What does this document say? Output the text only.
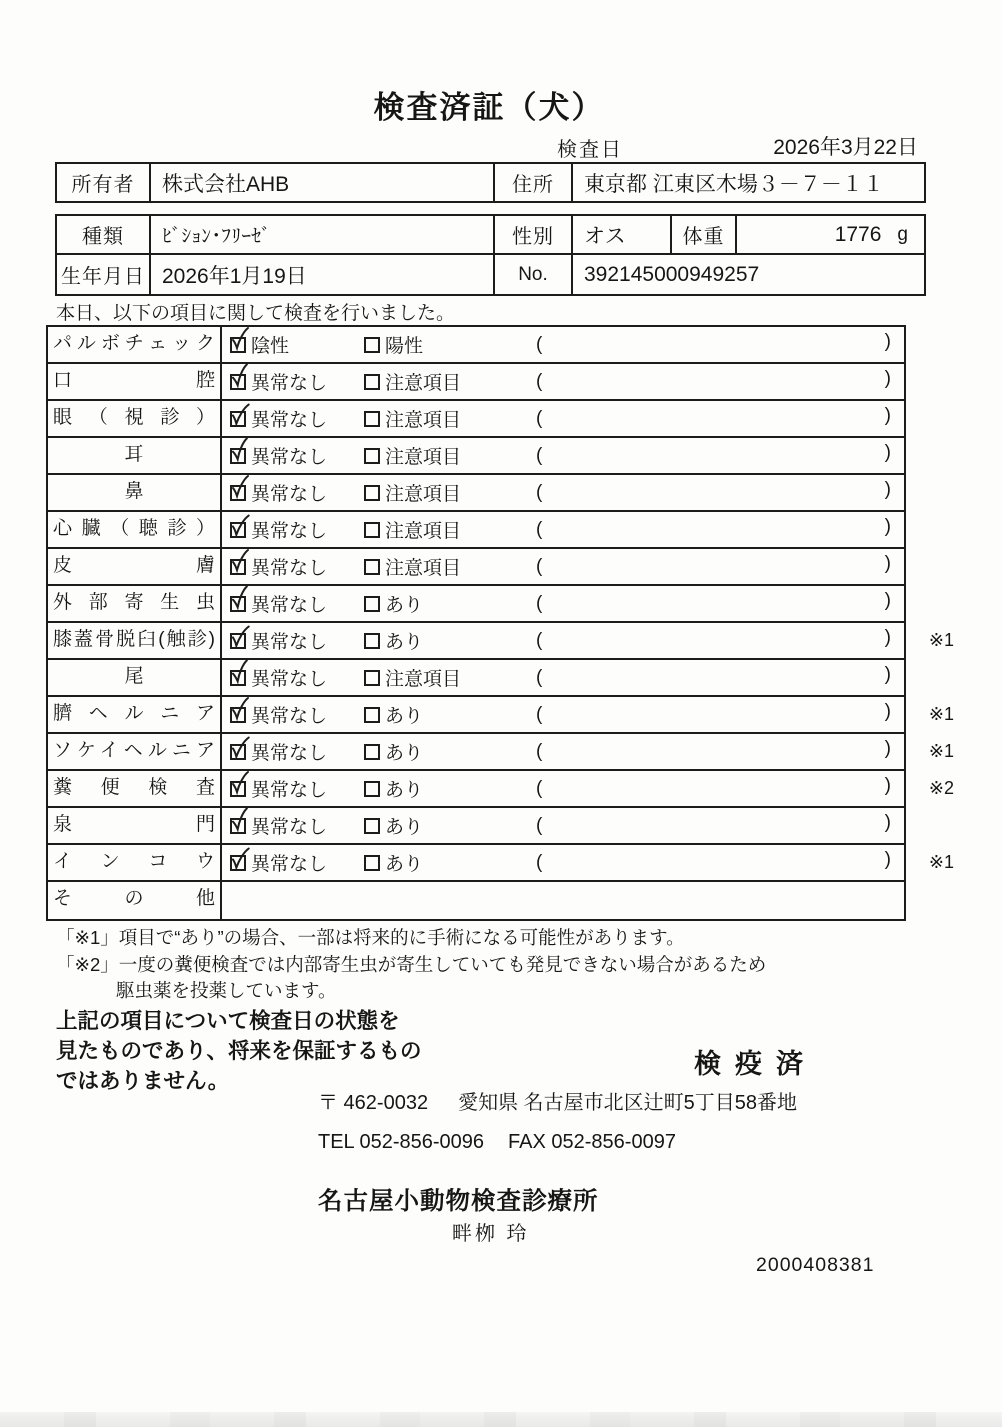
検査済証（犬）
検査日	2026年3月22日
所有者	株式会社AHB	住所	東京都 江東区木場３－７－１１
種類	ﾋﾞｼｮﾝ･ﾌﾘｰｾﾞ	性別	オス	体重	1776 g
生年月日 2026年1月19日	No.	392145000949257
本日、以下の項目に関して検査を行いました。
パルボチェック 陰性	陽性	(	)
口腔 異常なし	注意項目	(	)
眼（視診） 異常なし	注意項目	(	)
耳	異常なし	注意項目	(	)
鼻	異常なし	注意項目	(	)
心臓（聴診） 異常なし	注意項目	(	)
皮膚 異常なし	注意項目	(	)
外部寄生虫 異常なし	あり	(	)
膝蓋骨脱臼(触診) 異常なし	あり	(	) ※1
尾	異常なし	注意項目	(	)
臍ヘルニア 異常なし	あり	(	) ※1
ソケイヘルニア 異常なし	あり	(	) ※1
糞便検査 異常なし	あり	(	) ※2
泉門 異常なし	あり	(	)
インコウ 異常なし	あり	(	) ※1
その他
「※1」項目で“あり”の場合、一部は将来的に手術になる可能性があります。
「※2」一度の糞便検査では内部寄生虫が寄生していても発見できない場合があるため
駆虫薬を投薬しています。
上記の項目について検査日の状態を
見たものであり、将来を保証するもの
ではありません。
検疫済
〒 462-0032 愛知県 名古屋市北区辻町5丁目58番地
TEL 052-856-0096 FAX 052-856-0097
名古屋小動物検査診療所
畔栁 玲
2000408381
